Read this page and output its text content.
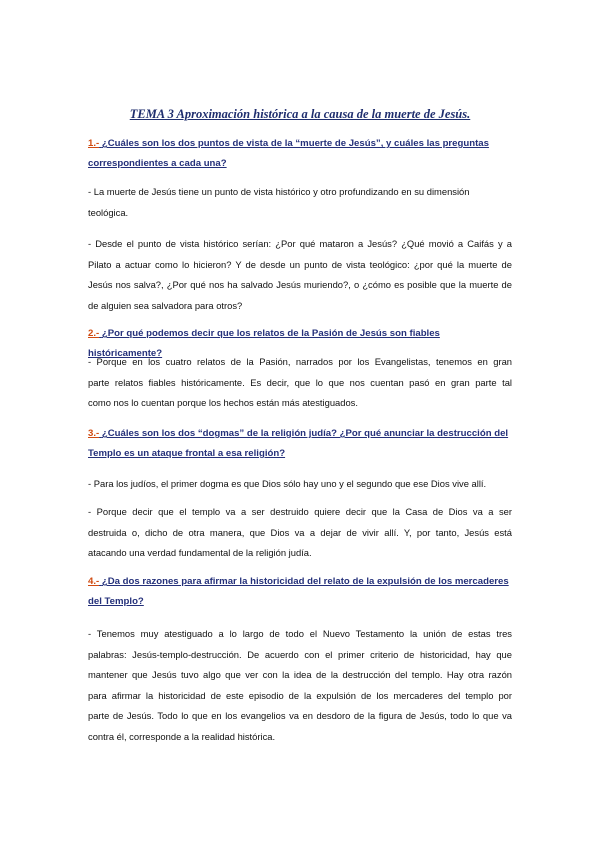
TEMA 3 Aproximación histórica a la causa de la muerte de Jesús.

1.- ¿Cuáles son los dos puntos de vista de la “muerte de Jesús”, y cuáles las preguntas
correspondientes a cada una?

- La muerte de Jesús tiene un punto de vista histórico y otro profundizando en su dimensión
teológica.

- Desde el punto de vista histórico serían: ¿Por qué mataron a Jesús? ¿Qué movió a Caifás y a
Pilato a actuar como lo hicieron? Y de desde un punto de vista teológico: ¿por qué la muerte de
Jesús nos salva?, ¿Por qué nos ha salvado Jesús muriendo?, o ¿cómo es posible que la muerte de
de alguien sea salvadora para otros?

2.- ¿Por qué podemos decir que los relatos de la Pasión de Jesús son fiables históricamente?

- Porque en los cuatro relatos de la Pasión, narrados por los Evangelistas, tenemos en gran
parte relatos fiables históricamente. Es decir, que lo que nos cuentan pasó en gran parte tal
como nos lo cuentan porque los hechos están más atestiguados.

3.- ¿Cuáles son los dos “dogmas” de la religión judía? ¿Por qué anunciar la destrucción del
Templo es un ataque frontal a esa religión?

- Para los judíos, el primer dogma es que Dios sólo hay uno y el segundo que ese Dios vive allí.

- Porque decir que el templo va a ser destruido quiere decir que la Casa de Dios va a ser
destruida o, dicho de otra manera, que Dios va a dejar de vivir allí. Y, por tanto, Jesús está
atacando una verdad fundamental de la religión judía.

4.- ¿Da dos razones para afirmar la historicidad del relato de la expulsión de los mercaderes
del Templo?

- Tenemos muy atestiguado a lo largo de todo el Nuevo Testamento la unión de estas tres
palabras: Jesús-templo-destrucción. De acuerdo con el primer criterio de historicidad, hay que
mantener que Jesús tuvo algo que ver con la idea de la destrucción del templo. Hay otra razón
para afirmar la historicidad de este episodio de la expulsión de los mercaderes del templo por
parte de Jesús. Todo lo que en los evangelios va en desdoro de la figura de Jesús, todo lo que va
contra él, corresponde a la realidad histórica.
